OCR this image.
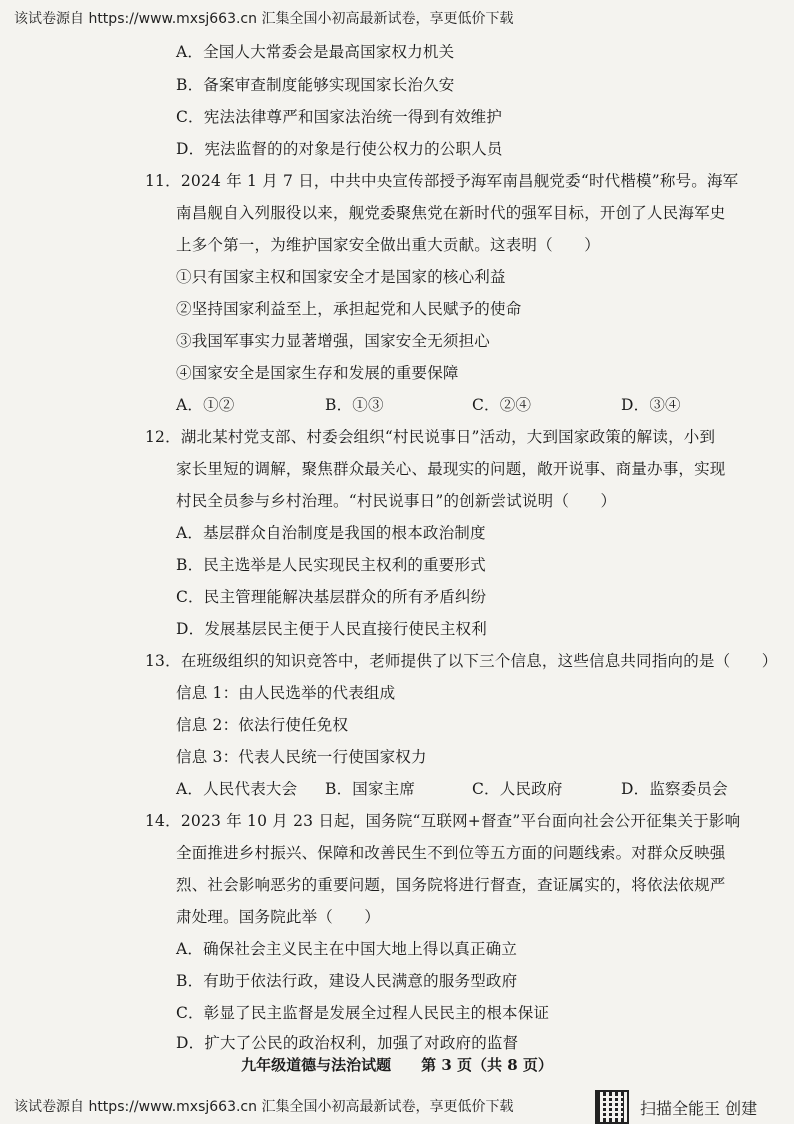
该试卷源自 https://www.mxsj663.cn 汇集全国小初高最新试卷，享更低价下载
A．全国人大常委会是最高国家权力机关
B．备案审查制度能够实现国家长治久安
C．宪法法律尊严和国家法治统一得到有效维护
D．宪法监督的的对象是行使公权力的公职人员
11．2024 年 1 月 7 日，中共中央宣传部授予海军南昌舰党委“时代楷模”称号。海军
南昌舰自入列服役以来，舰党委聚焦党在新时代的强军目标，开创了人民海军史
上多个第一，为维护国家安全做出重大贡献。这表明（　　）
①只有国家主权和国家安全才是国家的核心利益
②坚持国家利益至上，承担起党和人民赋予的使命
③我国军事实力显著增强，国家安全无须担心
④国家安全是国家生存和发展的重要保障
A．①②	B．①③	C．②④	D．③④
12．湖北某村党支部、村委会组织“村民说事日”活动，大到国家政策的解读，小到
家长里短的调解，聚焦群众最关心、最现实的问题，敞开说事、商量办事，实现
村民全员参与乡村治理。“村民说事日”的创新尝试说明（　　）
A．基层群众自治制度是我国的根本政治制度
B．民主选举是人民实现民主权利的重要形式
C．民主管理能解决基层群众的所有矛盾纠纷
D．发展基层民主便于人民直接行使民主权利
13．在班级组织的知识竞答中，老师提供了以下三个信息，这些信息共同指向的是（　　）
信息 1：由人民选举的代表组成
信息 2：依法行使任免权
信息 3：代表人民统一行使国家权力
A．人民代表大会 B．国家主席	C．人民政府	D．监察委员会
14．2023 年 10 月 23 日起，国务院“互联网+督查”平台面向社会公开征集关于影响
全面推进乡村振兴、保障和改善民生不到位等五方面的问题线索。对群众反映强
烈、社会影响恶劣的重要问题，国务院将进行督查，查证属实的，将依法依规严
肃处理。国务院此举（　　）
A．确保社会主义民主在中国大地上得以真正确立
B．有助于依法行政，建设人民满意的服务型政府
C．彰显了民主监督是发展全过程人民民主的根本保证
D．扩大了公民的政治权利，加强了对政府的监督
九年级道德与法治试题　　第 3 页（共 8 页）
该试卷源自 https://www.mxsj663.cn 汇集全国小初高最新试卷，享更低价下载	扫描全能王 创建
